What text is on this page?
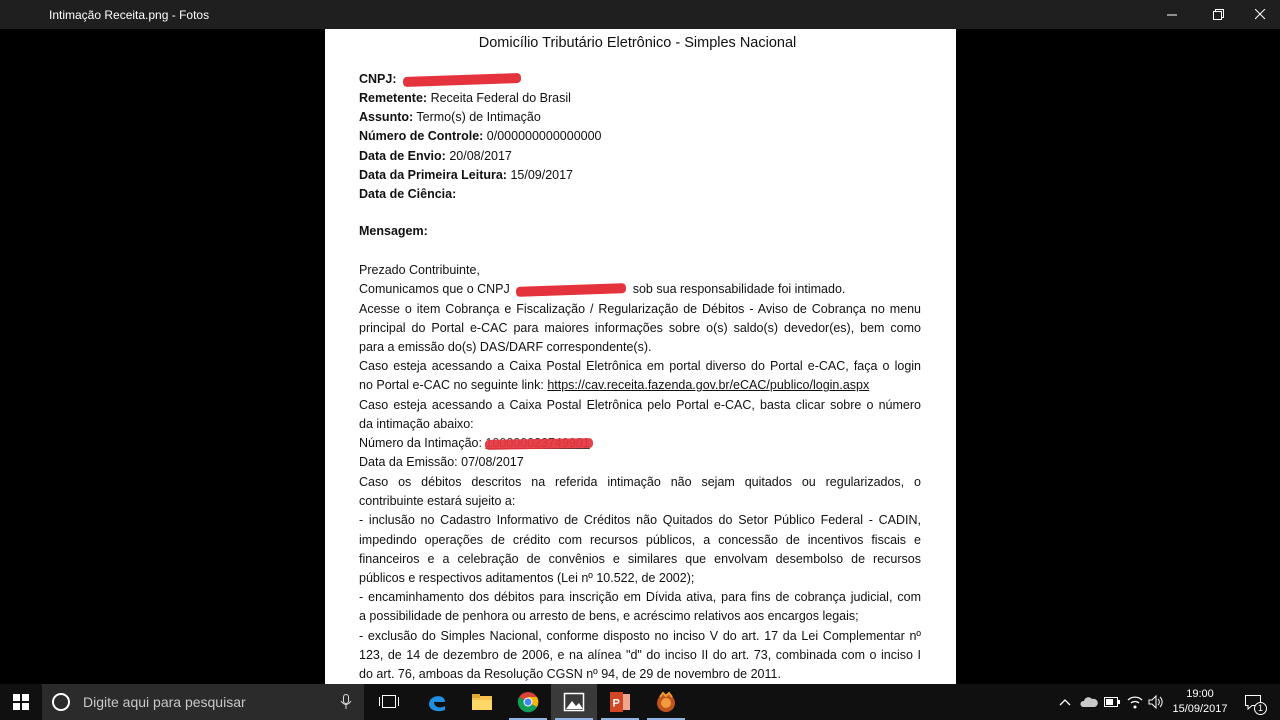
Intimação Receita.png - Fotos
Domicílio Tributário Eletrônico - Simples Nacional
CNPJ:
Remetente: Receita Federal do Brasil
Assunto: Termo(s) de Intimação
Número de Controle: 0/000000000000000
Data de Envio: 20/08/2017
Data da Primeira Leitura: 15/09/2017
Data de Ciência:
Mensagem:
Prezado Contribuinte,
Comunicamos que o CNPJ	sob sua responsabilidade foi intimado.
Acesse o item Cobrança e Fiscalização / Regularização de Débitos - Aviso de Cobrança no menu
principal do Portal e-CAC para maiores informações sobre o(s) saldo(s) devedor(es), bem como
para a emissão do(s) DAS/DARF correspondente(s).
Caso esteja acessando a Caixa Postal Eletrônica em portal diverso do Portal e-CAC, faça o login
no Portal e-CAC no seguinte link: https://cav.receita.fazenda.gov.br/eCAC/publico/login.aspx
Caso esteja acessando a Caixa Postal Eletrônica pelo Portal e-CAC, basta clicar sobre o número
da intimação abaixo:
Número da Intimação:
Data da Emissão: 07/08/2017
Caso os débitos descritos na referida intimação não sejam quitados ou regularizados, o
contribuinte estará sujeito a:
- inclusão no Cadastro Informativo de Créditos não Quitados do Setor Público Federal - CADIN,
impedindo operações de crédito com recursos públicos, a concessão de incentivos fiscais e
financeiros e a celebração de convênios e similares que envolvam desembolso de recursos
públicos e respectivos aditamentos (Lei nº 10.522, de 2002);
- encaminhamento dos débitos para inscrição em Dívida ativa, para fins de cobrança judicial, com
a possibilidade de penhora ou arresto de bens, e acréscimo relativos aos encargos legais;
- exclusão do Simples Nacional, conforme disposto no inciso V do art. 17 da Lei Complementar nº
123, de 14 de dezembro de 2006, e na alínea "d" do inciso II do art. 73, combinada com o inciso I
do art. 76, amboas da Resolução CGSN nº 94, de 29 de novembro de 2011.
Digite aqui para pesquisar	P
19:00
15/09/2017	1
